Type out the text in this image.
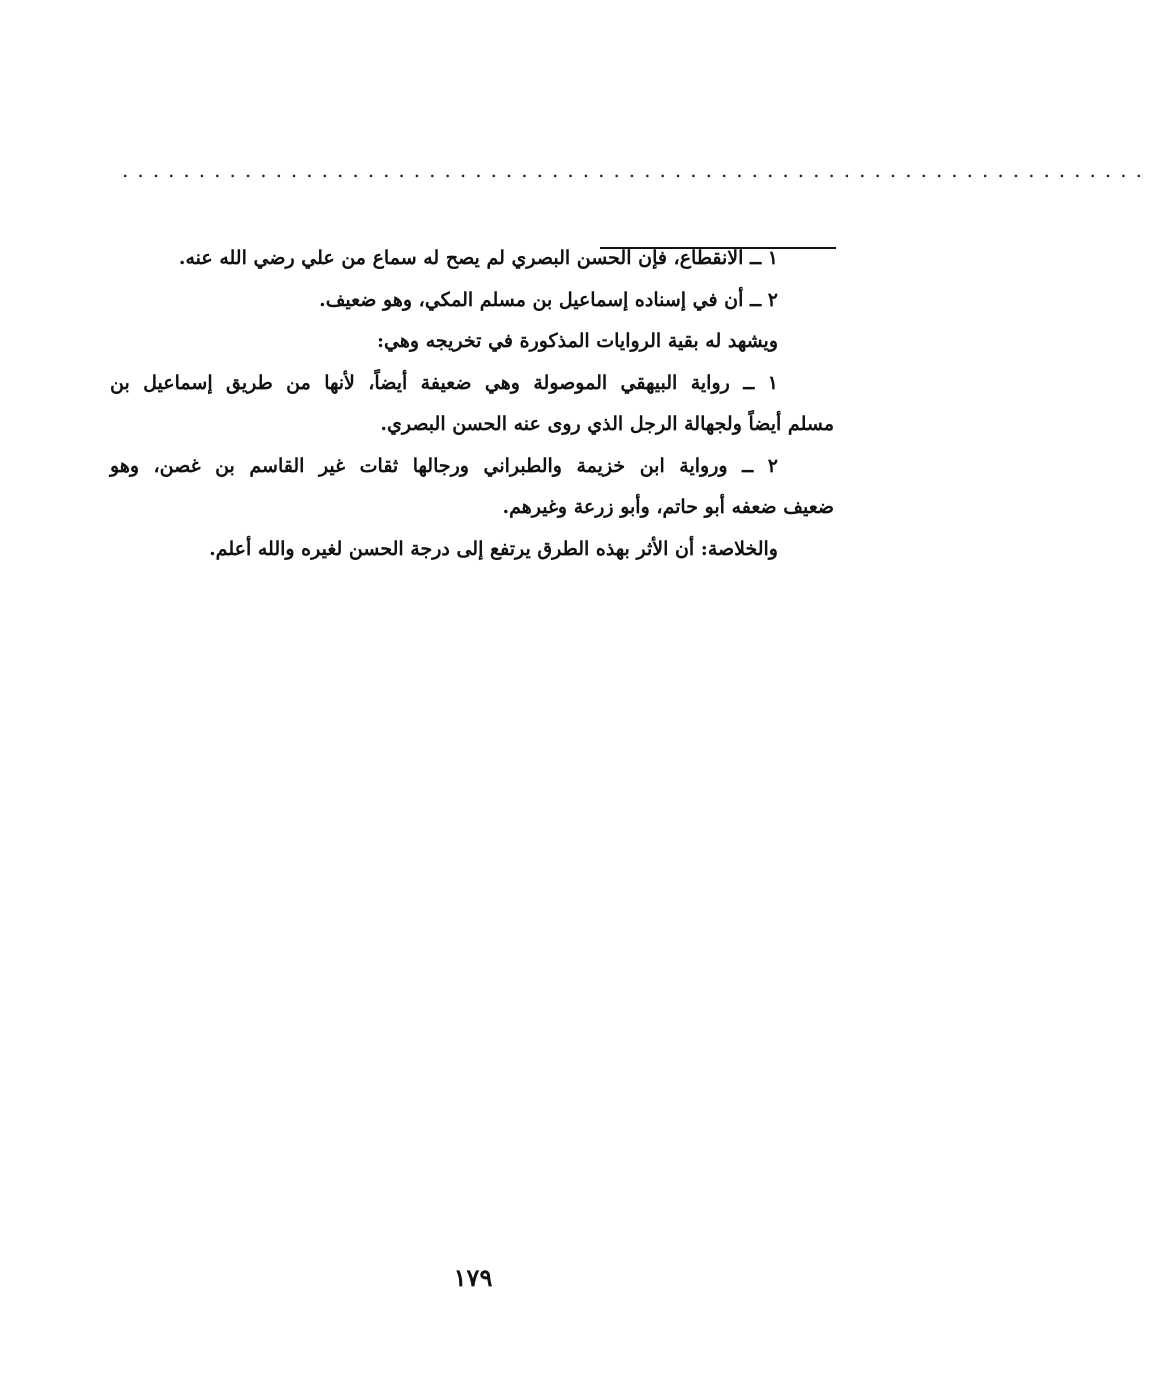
...................................................................
١ ــ الانقطاع، فإن الحسن البصري لم يصح له سماع من علي رضي الله عنه.
٢ ــ أن في إسناده إسماعيل بن مسلم المكي، وهو ضعيف.
ويشهد له بقية الروايات المذكورة في تخريجه وهي:
١ ــ رواية البيهقي الموصولة وهي ضعيفة أيضاً، لأنها من طريق إسماعيل بن
مسلم أيضاً ولجهالة الرجل الذي روى عنه الحسن البصري.
٢ ــ ورواية ابن خزيمة والطبراني ورجالها ثقات غير القاسم بن غصن، وهو
ضعيف ضعفه أبو حاتم، وأبو زرعة وغيرهم.
والخلاصة: أن الأثر بهذه الطرق يرتفع إلى درجة الحسن لغيره والله أعلم.
١٧٩
